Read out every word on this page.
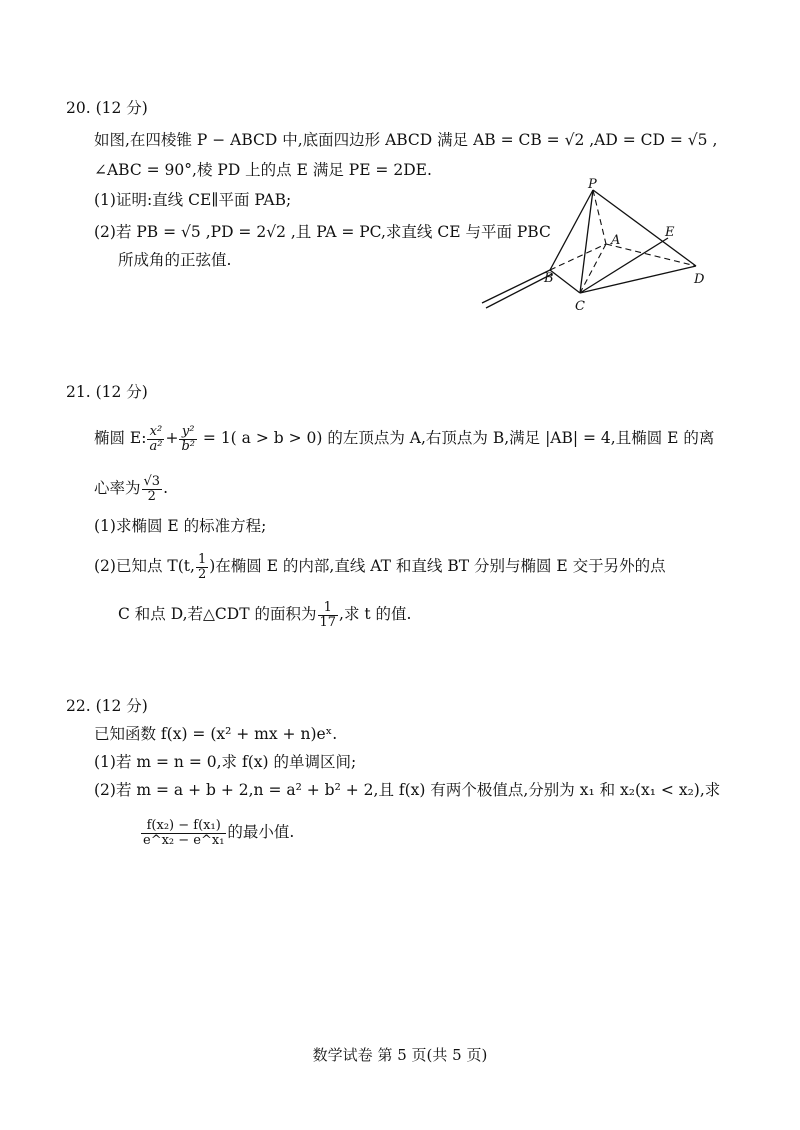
20. (12 分)
如图,在四棱锥 P − ABCD 中,底面四边形 ABCD 满足 AB = CB = √2 ,AD = CD = √5 ,
∠ABC = 90°,棱 PD 上的点 E 满足 PE = 2DE.
(1)证明:直线 CE∥平面 PAB;
(2)若 PB = √5 ,PD = 2√2 ,且 PA = PC,求直线 CE 与平面 PBC
所成角的正弦值.
P
A
B
C
D
E
21. (12 分)
椭圆 E: $\frac{\text{x²}}{\text{a²}} + \frac{\text{y²}}{\text{b²}} = 1$( a > b > 0) 的左顶点为 A,右顶点为 B,满足 |AB| = 4,且椭圆 E 的离
心率为 $\frac{√3}{2}$ .
(1)求椭圆 E 的标准方程;
(2)已知点 T(t, $\frac{1}{2}$ )在椭圆 E 的内部,直线 AT 和直线 BT 分别与椭圆 E 交于另外的点
C 和点 D,若△CDT 的面积为 $\frac{1}{17}$ ,求 t 的值.
22. (12 分)
已知函数 f(x) = (x² + mx + n)eˣ.
(1)若 m = n = 0,求 f(x) 的单调区间;
(2)若 m = a + b + 2,n = a² + b² + 2,且 f(x) 有两个极值点,分别为 x₁ 和 x₂(x₁ < x₂),求
$\frac{\text{f(x₂) − f(x₁)}}{\text{e\textasciicircum{}x₂ − e\textasciicircum{}x₁}}$ 的最小值.
数学试卷 第 5 页(共 5 页)
